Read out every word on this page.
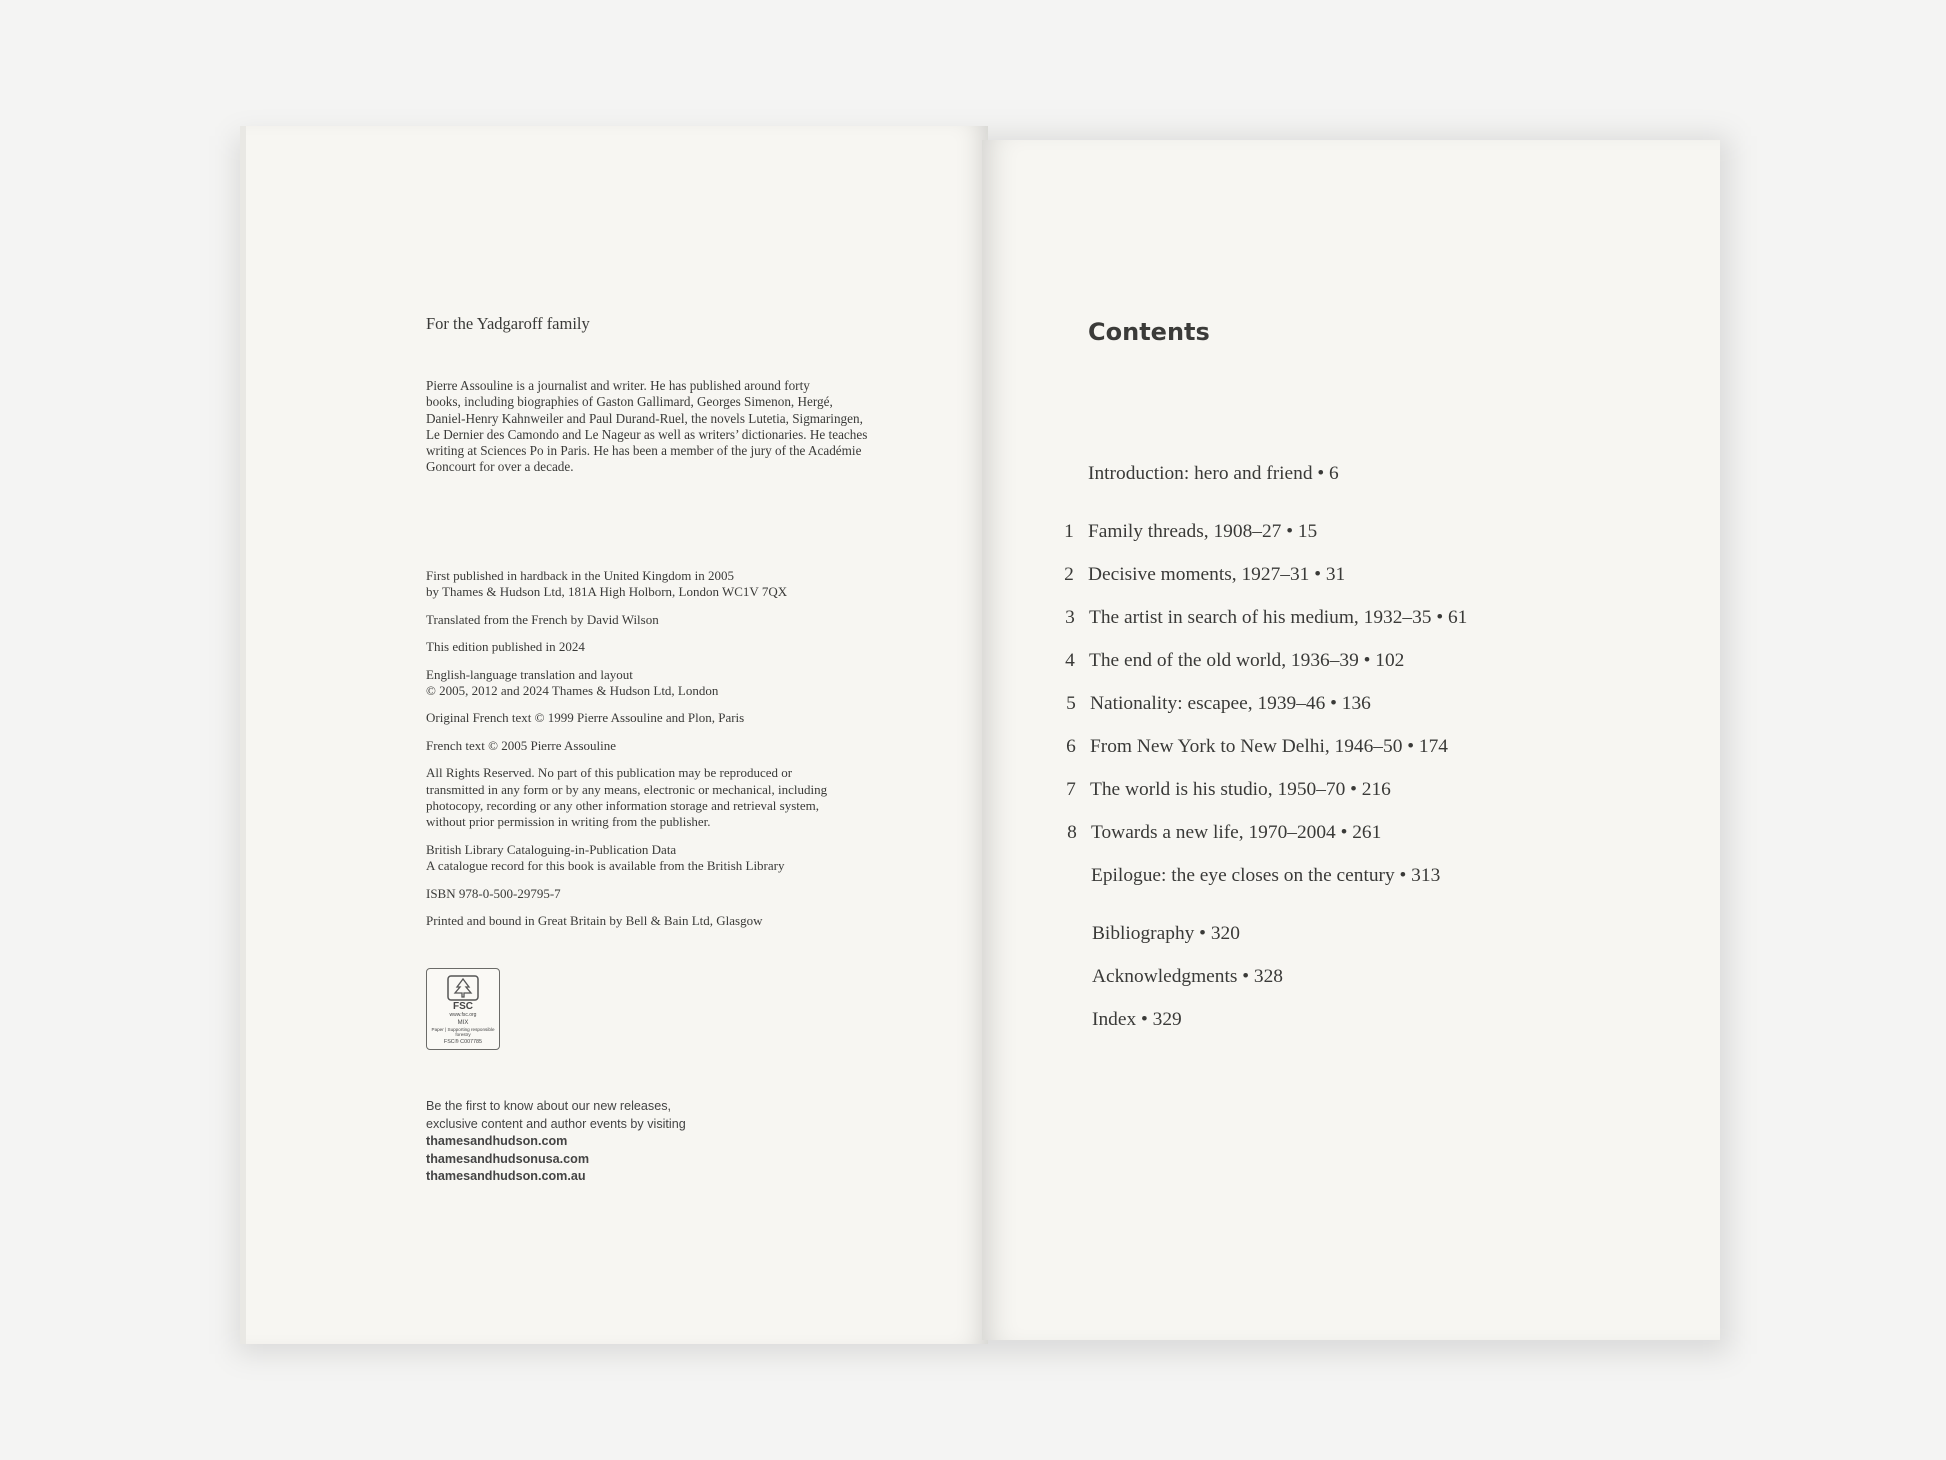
For the Yadgaroff family
Pierre Assouline is a journalist and writer. He has published around forty
books, including biographies of Gaston Gallimard, Georges Simenon, Hergé,
Daniel-Henry Kahnweiler and Paul Durand-Ruel, the novels Lutetia, Sigmaringen,
Le Dernier des Camondo and Le Nageur as well as writers’ dictionaries. He teaches
writing at Sciences Po in Paris. He has been a member of the jury of the Académie
Goncourt for over a decade.

First published in hardback in the United Kingdom in 2005
by Thames & Hudson Ltd, 181A High Holborn, London WC1V 7QX

Translated from the French by David Wilson

This edition published in 2024

English-language translation and layout
© 2005, 2012 and 2024 Thames & Hudson Ltd, London

Original French text © 1999 Pierre Assouline and Plon, Paris

French text © 2005 Pierre Assouline

All Rights Reserved. No part of this publication may be reproduced or
transmitted in any form or by any means, electronic or mechanical, including
photocopy, recording or any other information storage and retrieval system,
without prior permission in writing from the publisher.

British Library Cataloguing-in-Publication Data
A catalogue record for this book is available from the British Library

ISBN 978-0-500-29795-7

Printed and bound in Great Britain by Bell & Bain Ltd, Glasgow

FSC
www.fsc.org
MIX
Paper | Supporting responsible forestry
FSC® C007785
Be the first to know about our new releases,
exclusive content and author events by visiting
thamesandhudson.com
thamesandhudsonusa.com
thamesandhudson.com.au
Contents
Introduction: hero and friend • 6
1 Family threads, 1908–27 • 15
2 Decisive moments, 1927–31 • 31
3 The artist in search of his medium, 1932–35 • 61
4 The end of the old world, 1936–39 • 102
5 Nationality: escapee, 1939–46 • 136
6 From New York to New Delhi, 1946–50 • 174
7 The world is his studio, 1950–70 • 216
8 Towards a new life, 1970–2004 • 261
Epilogue: the eye closes on the century • 313
Bibliography • 320
Acknowledgments • 328
Index • 329
